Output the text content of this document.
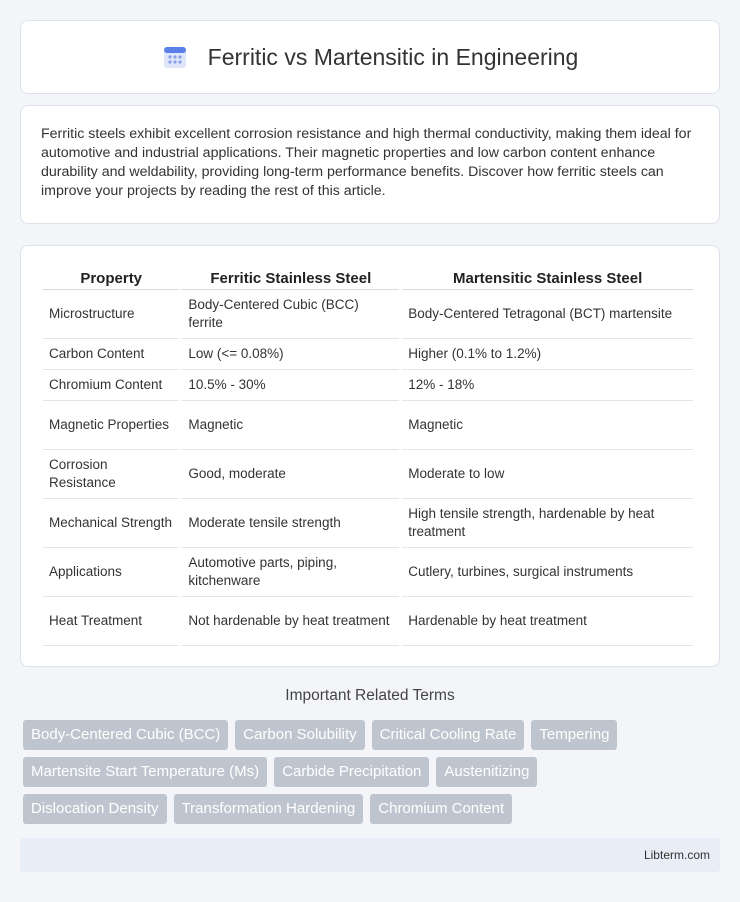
Ferritic vs Martensitic in Engineering

Ferritic steels exhibit excellent corrosion resistance and high thermal conductivity, making them ideal for automotive and industrial applications. Their magnetic properties and low carbon content enhance durability and weldability, providing long-term performance benefits. Discover how ferritic steels can improve your projects by reading the rest of this article.

Property	Ferritic Stainless Steel	Martensitic Stainless Steel
Microstructure	Body-Centered Cubic (BCC) ferrite	Body-Centered Tetragonal (BCT) martensite
Carbon Content	Low (<= 0.08%)	Higher (0.1% to 1.2%)
Chromium Content	10.5% - 30%	12% - 18%
Magnetic Properties	Magnetic	Magnetic
Corrosion Resistance	Good, moderate	Moderate to low
Mechanical Strength	Moderate tensile strength	High tensile strength, hardenable by heat treatment
Applications	Automotive parts, piping, kitchenware	Cutlery, turbines, surgical instruments
Heat Treatment	Not hardenable by heat treatment	Hardenable by heat treatment
Important Related Terms
Body-Centered Cubic (BCC)	Carbon Solubility	Critical Cooling Rate	Tempering
Martensite Start Temperature (Ms)	Carbide Precipitation	Austenitizing
Dislocation Density	Transformation Hardening	Chromium Content
Libterm.com
